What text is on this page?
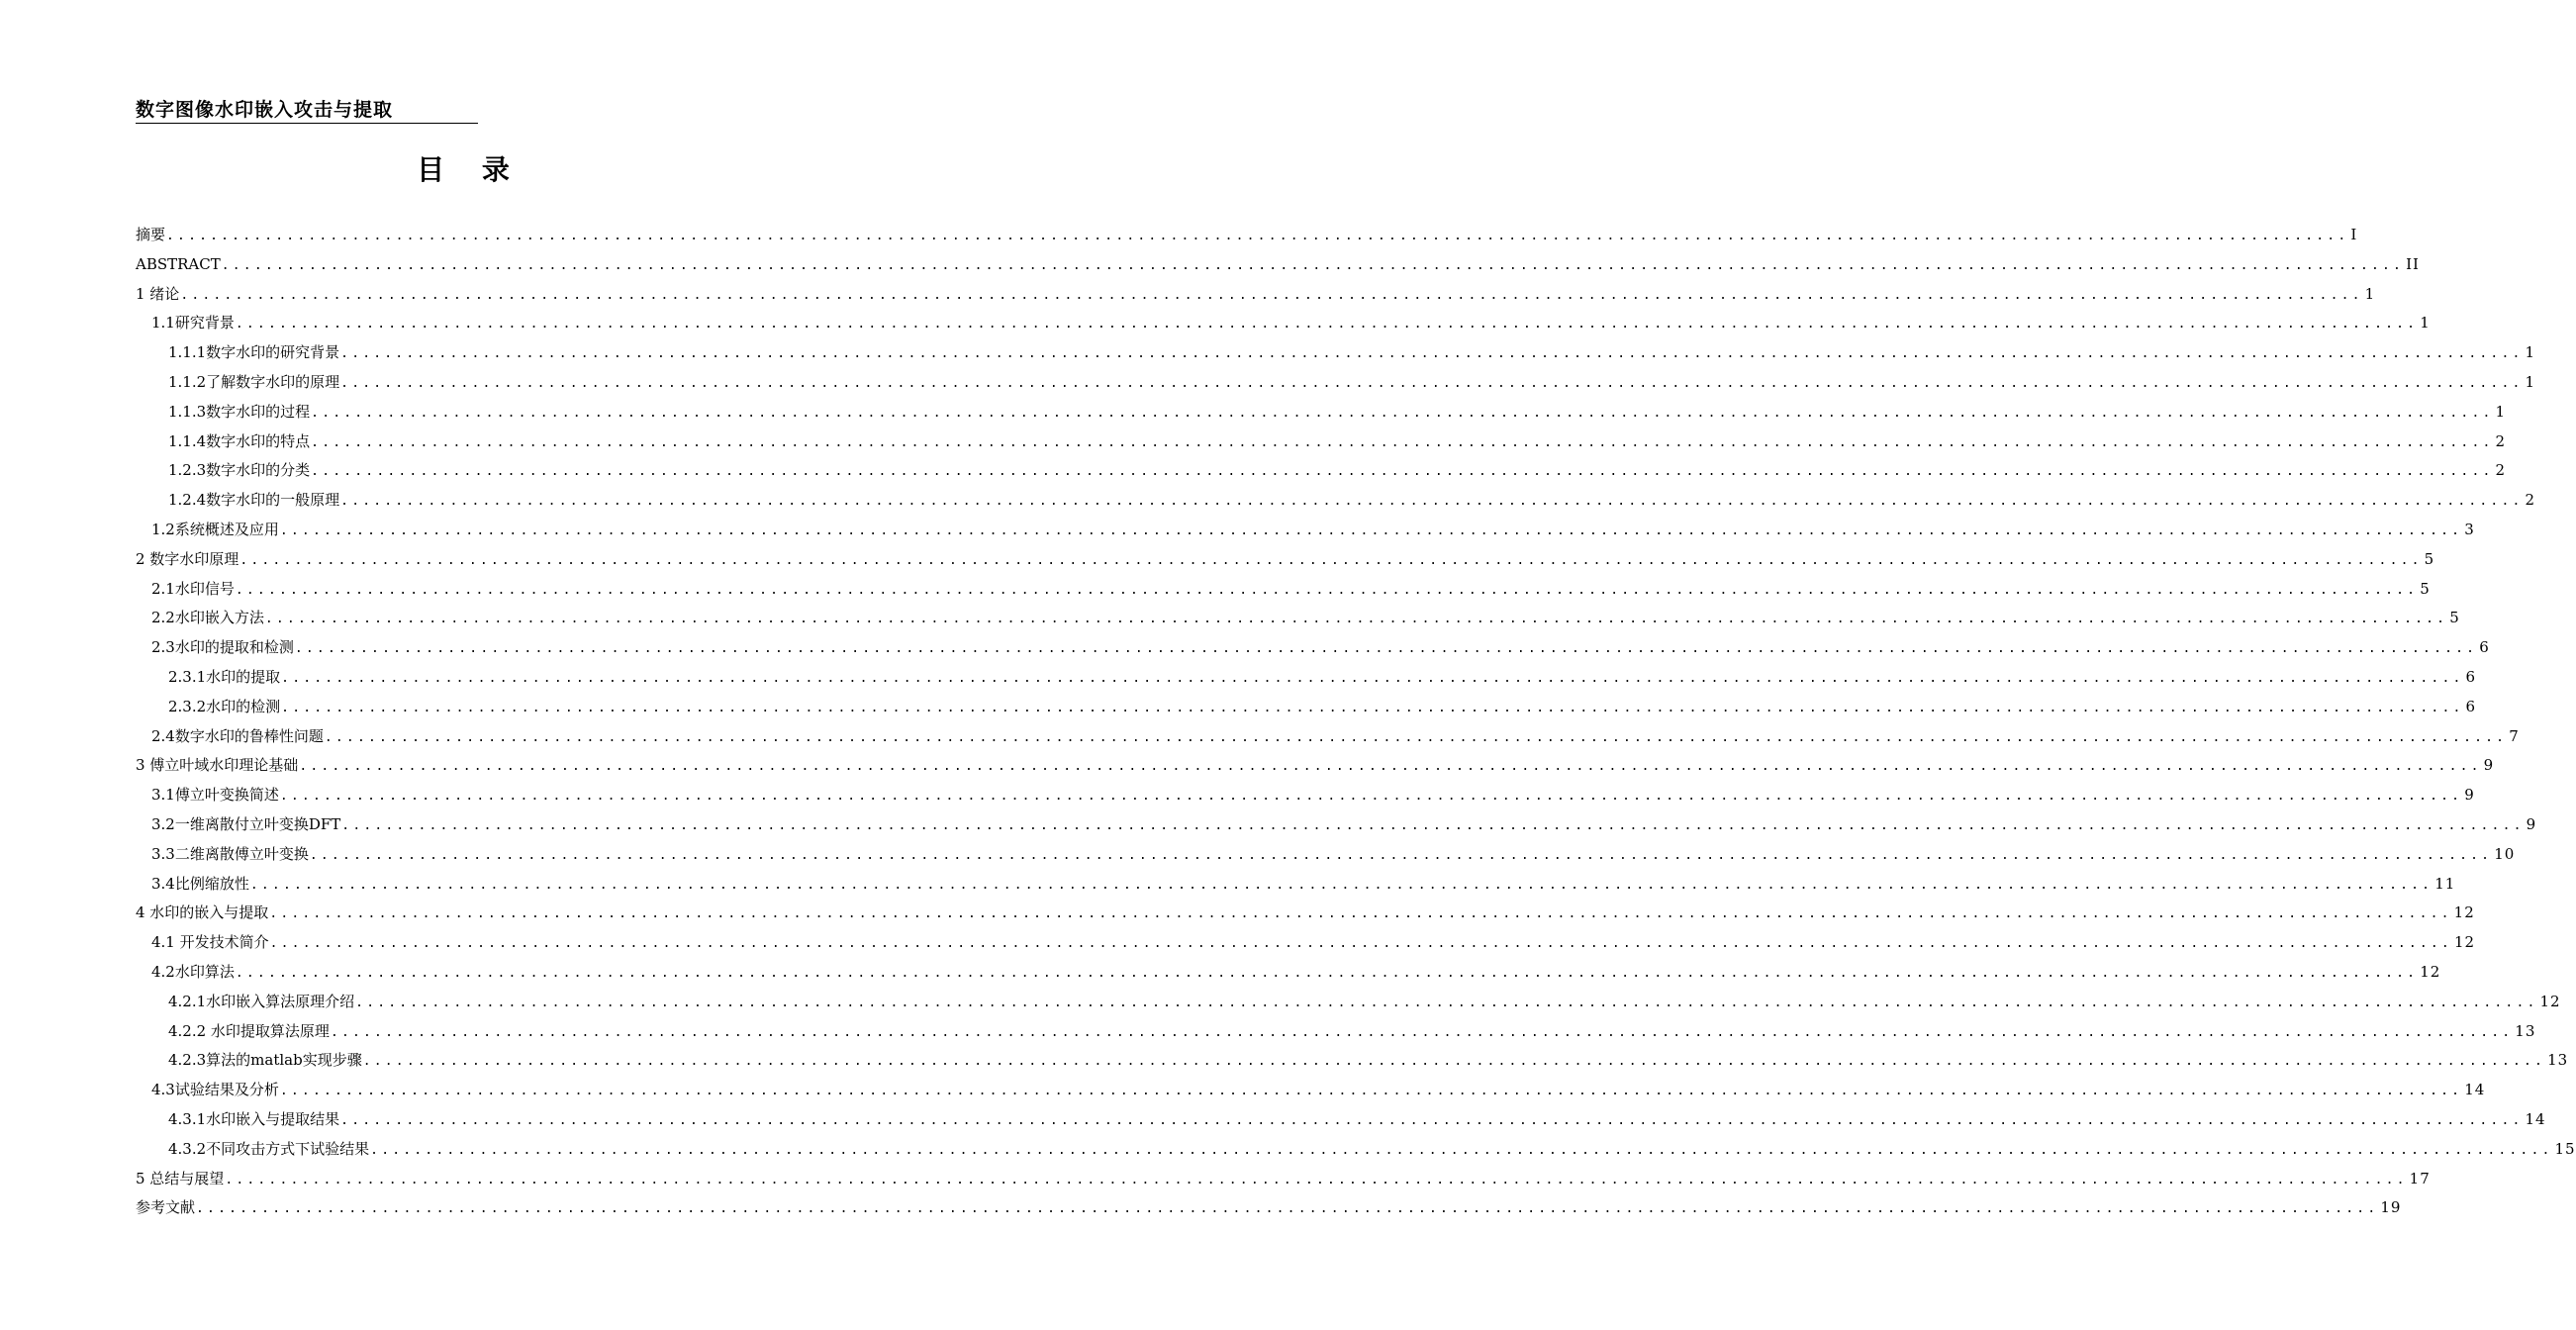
数字图像水印嵌入攻击与提取
目 录
摘要 ........................................................................................................................................................................................................ I
ABSTRACT ........................................................................................................................................................................................................ II
1 绪论 ........................................................................................................................................................................................................ 1
1.1研究背景 ........................................................................................................................................................................................................ 1
1.1.1数字水印的研究背景 ........................................................................................................................................................................................................ 1
1.1.2了解数字水印的原理 ........................................................................................................................................................................................................ 1
1.1.3数字水印的过程 ........................................................................................................................................................................................................ 1
1.1.4数字水印的特点 ........................................................................................................................................................................................................ 2
1.2.3数字水印的分类 ........................................................................................................................................................................................................ 2
1.2.4数字水印的一般原理 ........................................................................................................................................................................................................ 2
1.2系统概述及应用 ........................................................................................................................................................................................................ 3
2 数字水印原理 ........................................................................................................................................................................................................ 5
2.1水印信号 ........................................................................................................................................................................................................ 5
2.2水印嵌入方法 ........................................................................................................................................................................................................ 5
2.3水印的提取和检测 ........................................................................................................................................................................................................ 6
2.3.1水印的提取 ........................................................................................................................................................................................................ 6
2.3.2水印的检测 ........................................................................................................................................................................................................ 6
2.4数字水印的鲁棒性问题 ........................................................................................................................................................................................................ 7
3 傅立叶域水印理论基础 ........................................................................................................................................................................................................ 9
3.1傅立叶变换简述 ........................................................................................................................................................................................................ 9
3.2一维离散付立叶变换DFT ........................................................................................................................................................................................................ 9
3.3二维离散傅立叶变换 ........................................................................................................................................................................................................ 10
3.4比例缩放性 ........................................................................................................................................................................................................ 11
4 水印的嵌入与提取 ........................................................................................................................................................................................................ 12
4.1 开发技术简介 ........................................................................................................................................................................................................ 12
4.2水印算法 ........................................................................................................................................................................................................ 12
4.2.1水印嵌入算法原理介绍 ........................................................................................................................................................................................................ 12
4.2.2 水印提取算法原理 ........................................................................................................................................................................................................ 13
4.2.3算法的matlab实现步骤 ........................................................................................................................................................................................................ 13
4.3试验结果及分析 ........................................................................................................................................................................................................ 14
4.3.1水印嵌入与提取结果 ........................................................................................................................................................................................................ 14
4.3.2不同攻击方式下试验结果 ........................................................................................................................................................................................................ 15
5 总结与展望 ........................................................................................................................................................................................................ 17
参考文献 ........................................................................................................................................................................................................ 19
